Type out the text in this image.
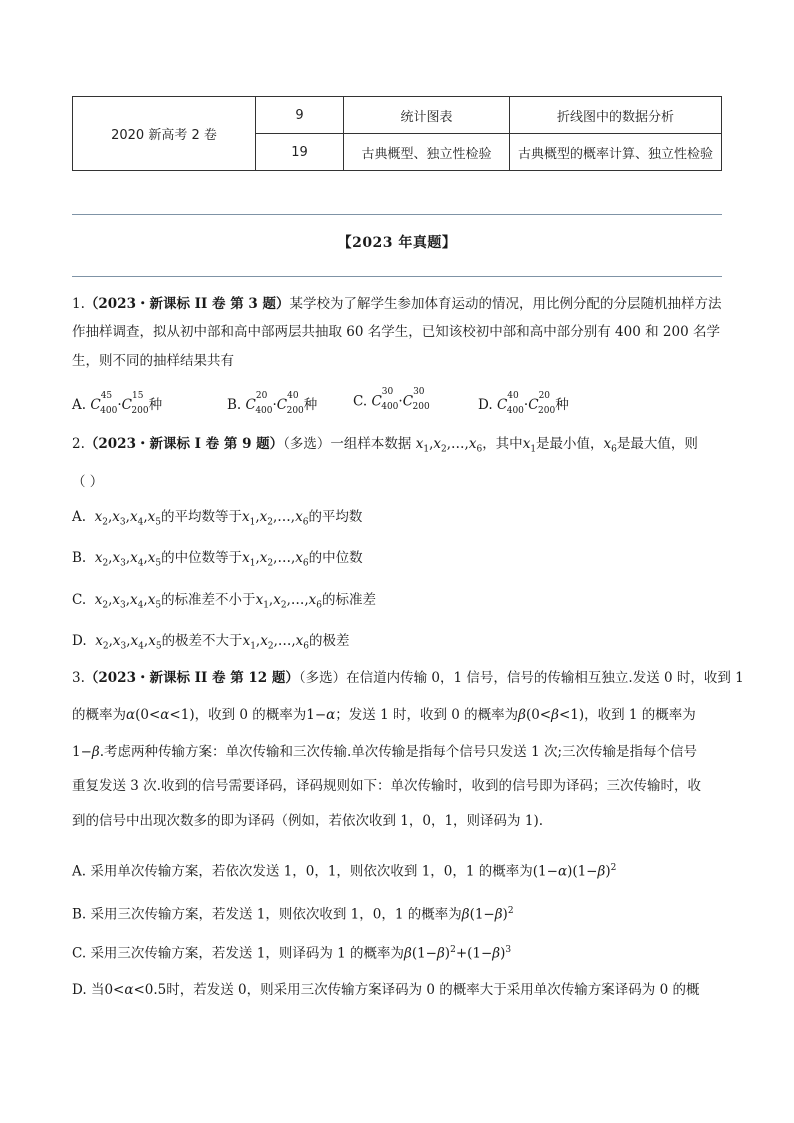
2020 新高考 2 卷	9	统计图表	折线图中的数据分析
	19	古典概型、独立性检验	古典概型的概率计算、独立性检验
【2023 年真题】
1.（2023・新课标 II 卷 第 3 题）某学校为了解学生参加体育运动的情况，用比例分配的分层随机抽样方法
作抽样调查，拟从初中部和高中部两层共抽取 60 名学生，已知该校初中部和高中部分别有 400 和 200 名学
生，则不同的抽样结果共有
A. $C^{45}_{400}\cdot C^{15}_{200}$种	B. $C^{20}_{400}\cdot C^{40}_{200}$种	C. $C^{30}_{400}\cdot C^{30}_{200}$	D. $C^{40}_{400}\cdot C^{20}_{200}$种
2.（2023・新课标 I 卷 第 9 题）（多选）一组样本数据 $x_1,x_2,\dots,x_6$，其中$x_1$是最小值，$x_6$是最大值，则
（ ）
A. $x_2,x_3,x_4,x_5$的平均数等于$x_1,x_2,\dots,x_6$的平均数
B. $x_2,x_3,x_4,x_5$的中位数等于$x_1,x_2,\dots,x_6$的中位数
C. $x_2,x_3,x_4,x_5$的标准差不小于$x_1,x_2,\dots,x_6$的标准差
D. $x_2,x_3,x_4,x_5$的极差不大于$x_1,x_2,\dots,x_6$的极差
3.（2023・新课标 II 卷 第 12 题）（多选）在信道内传输 0，1 信号，信号的传输相互独立.发送 0 时，收到 1
的概率为α(0<α<1)，收到 0 的概率为1−α；发送 1 时，收到 0 的概率为β(0<β<1)，收到 1 的概率为
1−β.考虑两种传输方案：单次传输和三次传输.单次传输是指每个信号只发送 1 次;三次传输是指每个信号
重复发送 3 次.收到的信号需要译码，译码规则如下：单次传输时，收到的信号即为译码；三次传输时，收
到的信号中出现次数多的即为译码（例如，若依次收到 1，0，1，则译码为 1).
A. 采用单次传输方案，若依次发送 1，0，1，则依次收到 1，0，1 的概率为$(1-\alpha)(1-\beta)^2$
B. 采用三次传输方案，若发送 1，则依次收到 1，0，1 的概率为$\beta(1-\beta)^2$
C. 采用三次传输方案，若发送 1，则译码为 1 的概率为$\beta(1-\beta)^2+(1-\beta)^3$
D. 当0<α<0.5时，若发送 0，则采用三次传输方案译码为 0 的概率大于采用单次传输方案译码为 0 的概
